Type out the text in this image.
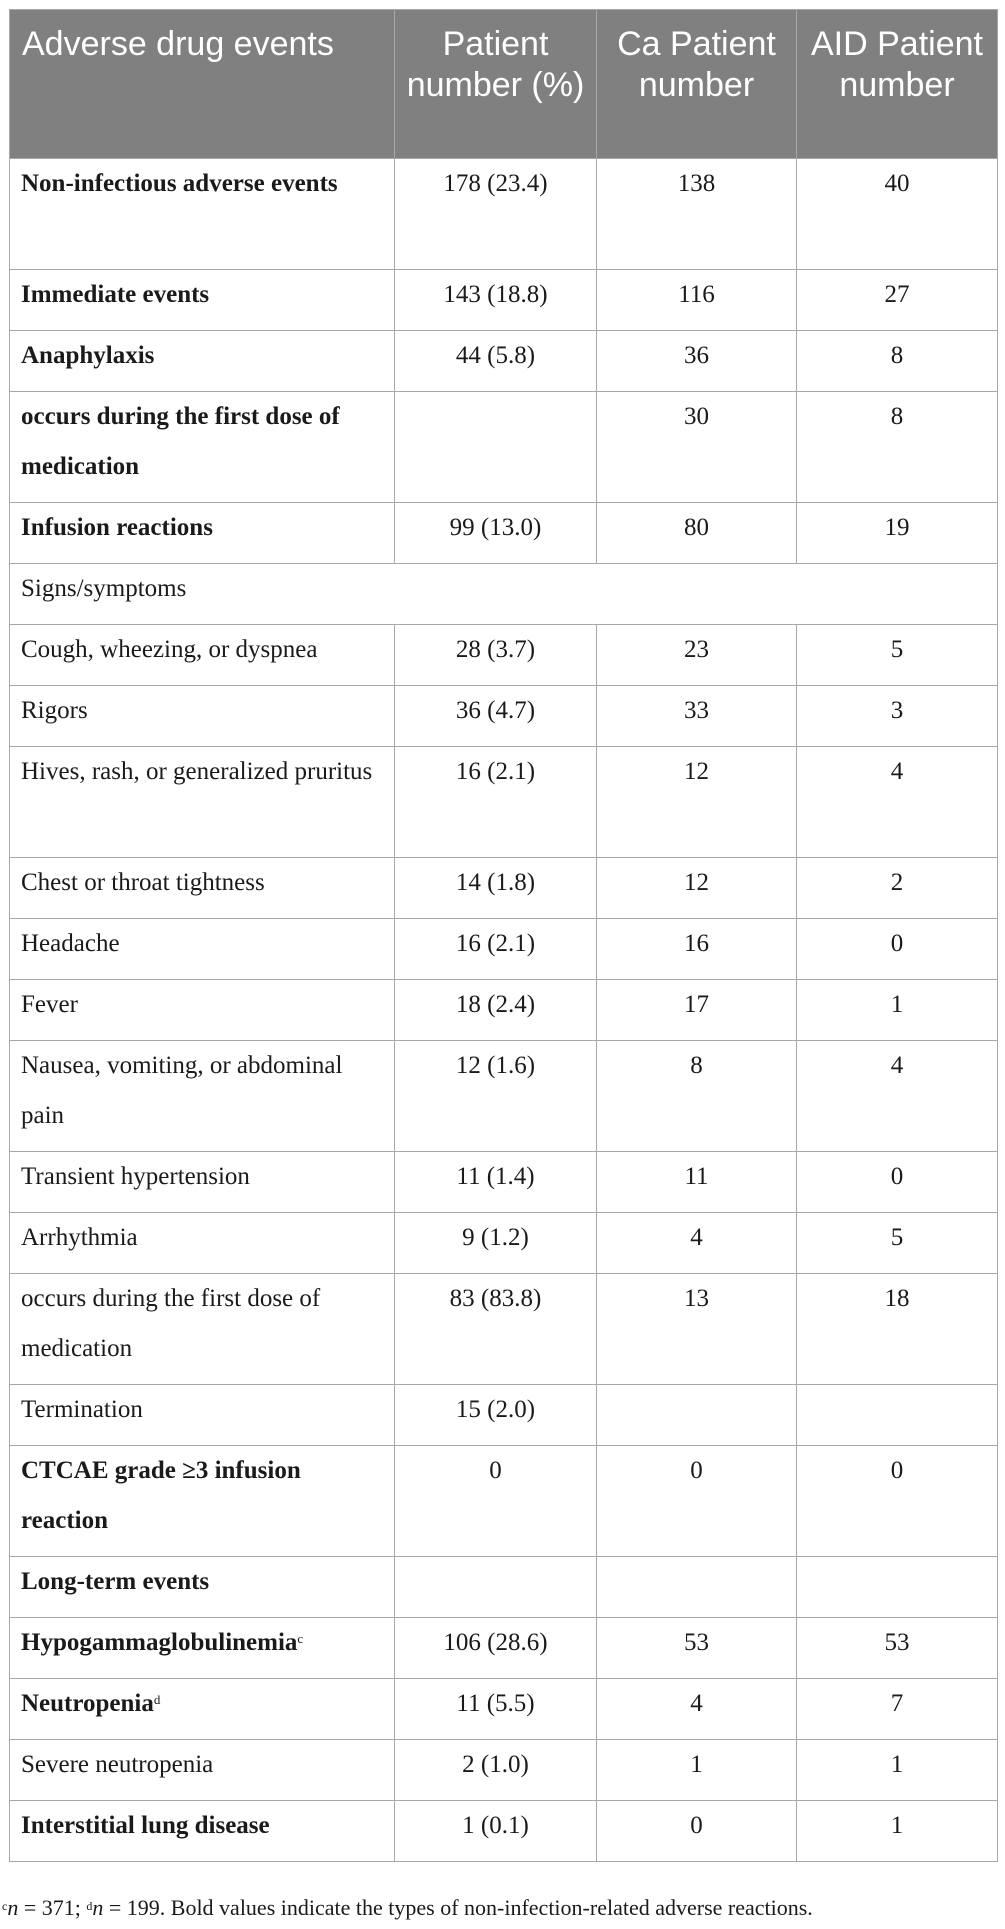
Adverse drug events	Patient number (%)	Ca Patient number	AID Patient number
Non-infectious adverse events	178 (23.4)	138	40
Immediate events	143 (18.8)	116	27
Anaphylaxis	44 (5.8)	36	8
occurs during the first dose of medication		30	8
Infusion reactions	99 (13.0)	80	19
Signs/symptoms			
Cough, wheezing, or dyspnea	28 (3.7)	23	5
Rigors	36 (4.7)	33	3
Hives, rash, or generalized pruritus	16 (2.1)	12	4
Chest or throat tightness	14 (1.8)	12	2
Headache	16 (2.1)	16	0
Fever	18 (2.4)	17	1
Nausea, vomiting, or abdominal pain	12 (1.6)	8	4
Transient hypertension	11 (1.4)	11	0
Arrhythmia	9 (1.2)	4	5
occurs during the first dose of medication	83 (83.8)	13	18
Termination	15 (2.0)		
CTCAE grade ≥3 infusion reaction	0	0	0
Long-term events			
Hypogammaglobulinemia$^c$	106 (28.6)	53	53
Neutropenia$^d$	11 (5.5)	4	7
Severe neutropenia	2 (1.0)	1	1
Interstitial lung disease	1 (0.1)	0	1
$^c$n = 371; $^d$n = 199. Bold values indicate the types of non-infection-related adverse reactions.
